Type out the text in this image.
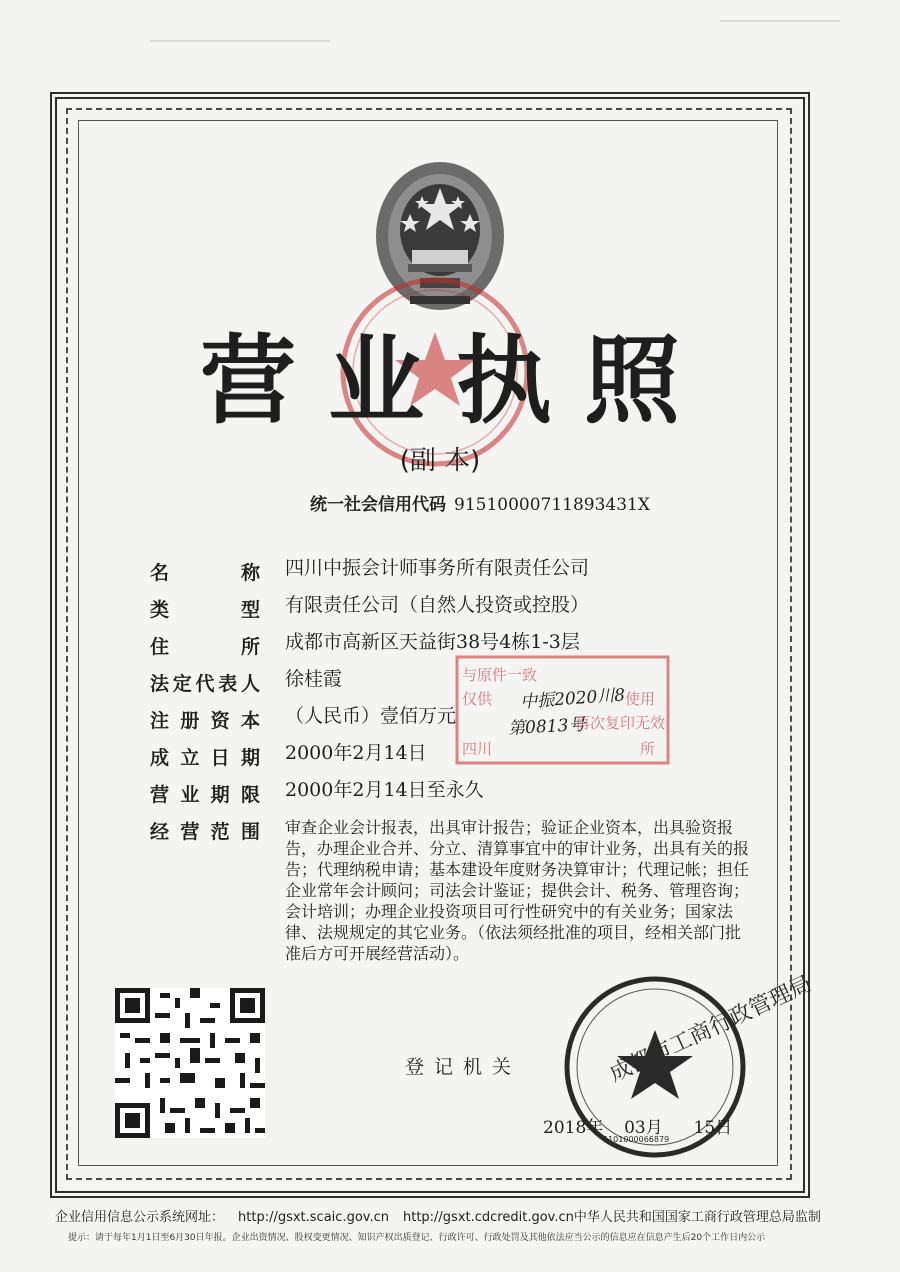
营 业 执 照
(副 本)
统一社会信用代码 91510000711893431X
名　　称 四川中振会计师事务所有限责任公司
类　　型 有限责任公司（自然人投资或控股）
住　　所 成都市高新区天益街38号4栋1-3层
法定代表人 徐桂霞
注册资本 （人民币）壹佰万元
成立日期 2000年2月14日
营业期限 2000年2月14日至永久
经营范围 审查企业会计报表，出具审计报告；验证企业资本，出具验资报告，办理企业合并、分立、清算事宜中的审计业务，出具有关的报告；代理纳税申请；基本建设年度财务决算审计；代理记帐；担任企业常年会计顾问；司法会计鉴证；提供会计、税务、管理咨询；会计培训；办理企业投资项目可行性研究中的有关业务；国家法律、法规规定的其它业务。（依法须经批准的项目，经相关部门批准后方可开展经营活动）。
与原件一致
仅供	使用
再次复印无效
四川	所
中振2020川8
第0813号
登记机关	成都市工商行政管理局
5101000066879
2018年 03月 15日
企业信用信息公示系统网址： http://gsxt.scaic.gov.cn http://gsxt.cdcredit.gov.cn中华人民共和国国家工商行政管理总局监制
提示：请于每年1月1日至6月30日年报。企业出资情况、股权变更情况、知识产权出质登记、行政许可、行政处罚及其他依法应当公示的信息应在信息产生后20个工作日内公示
